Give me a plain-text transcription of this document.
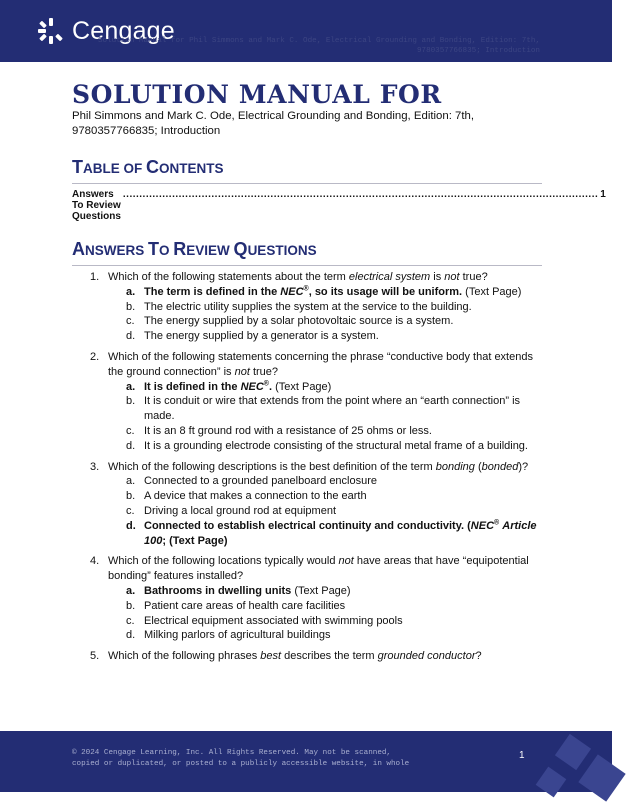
Cengage
Solution Manual for Phil Simmons and Mark C. Ode, Electrical Grounding and Bonding, Edition: 7th,
9780357766835; Introduction
SOLUTION MANUAL FOR
Phil Simmons and Mark C. Ode, Electrical Grounding and Bonding, Edition: 7th, 9780357766835; Introduction
TABLE OF CONTENTS
Answers To Review Questions
................................................................................................................................................. 1
ANSWERS TO REVIEW QUESTIONS
1. Which of the following statements about the term electrical system is not true?
a. The term is defined in the NEC®, so its usage will be uniform. (Text Page)
b. The electric utility supplies the system at the service to the building.
c. The energy supplied by a solar photovoltaic source is a system.
d. The energy supplied by a generator is a system.
2. Which of the following statements concerning the phrase “conductive body that extends the ground connection” is not true?
a. It is defined in the NEC®. (Text Page)
b. It is conduit or wire that extends from the point where an “earth connection” is made.
c. It is an 8 ft ground rod with a resistance of 25 ohms or less.
d. It is a grounding electrode consisting of the structural metal frame of a building.
3. Which of the following descriptions is the best definition of the term bonding (bonded)?
a. Connected to a grounded panelboard enclosure
b. A device that makes a connection to the earth
c. Driving a local ground rod at equipment
d. Connected to establish electrical continuity and conductivity. (NEC® Article 100; (Text Page)
4. Which of the following locations typically would not have areas that have “equipotential bonding” features installed?
a. Bathrooms in dwelling units (Text Page)
b. Patient care areas of health care facilities
c. Electrical equipment associated with swimming pools
d. Milking parlors of agricultural buildings
5. Which of the following phrases best describes the term grounded conductor?
© 2024 Cengage Learning, Inc. All Rights Reserved. May not be scanned,
copied or duplicated, or posted to a publicly accessible website, in whole
1
